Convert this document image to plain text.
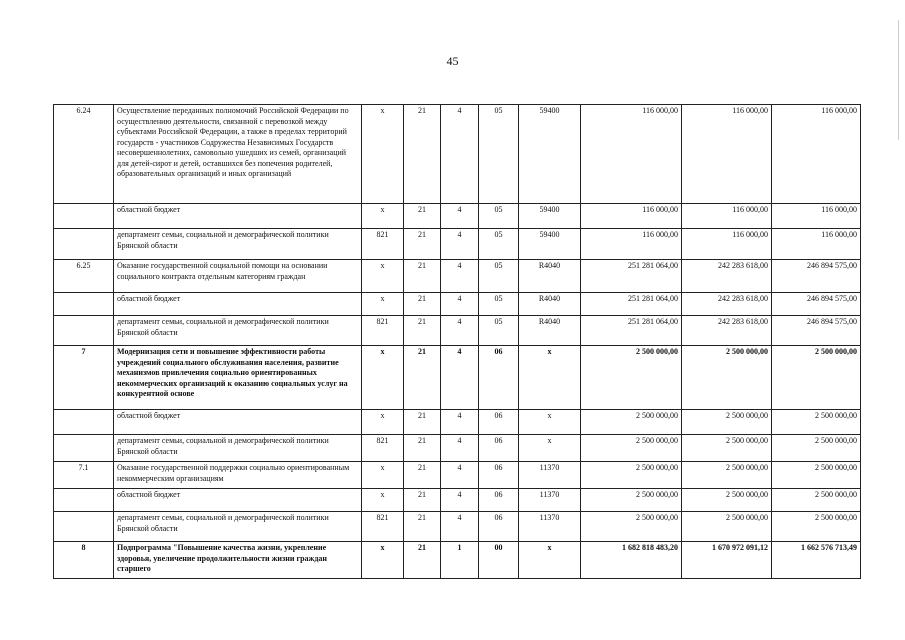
45
6.24	Осуществление переданных полномочий Российской Федерации по осуществлению деятельности, связанной с перевозкой между субъектами Российской Федерации, а также в пределах территорий государств - участников Содружества Независимых Государств несовершеннолетних, самовольно ушедших из семей, организаций для детей-сирот и детей, оставшихся без попечения родителей, образовательных организаций и иных организаций	х	21	4	05	59400	116 000,00	116 000,00	116 000,00
	областной бюджет	х	21	4	05	59400	116 000,00	116 000,00	116 000,00
	департамент семьи, социальной и демографической политики Брянской области	821	21	4	05	59400	116 000,00	116 000,00	116 000,00
6.25	Оказание государственной социальной помощи на основании социального контракта отдельным категориям граждан	х	21	4	05	R4040	251 281 064,00	242 283 618,00	246 894 575,00
	областной бюджет	х	21	4	05	R4040	251 281 064,00	242 283 618,00	246 894 575,00
	департамент семьи, социальной и демографической политики Брянской области	821	21	4	05	R4040	251 281 064,00	242 283 618,00	246 894 575,00
7	Модернизация сети и повышение эффективности работы учреждений социального обслуживания населения, развитие механизмов привлечения социально ориентированных некоммерческих организаций к оказанию социальных услуг на конкурентной основе	х	21	4	06	х	2 500 000,00	2 500 000,00	2 500 000,00
	областной бюджет	х	21	4	06	х	2 500 000,00	2 500 000,00	2 500 000,00
	департамент семьи, социальной и демографической политики Брянской области	821	21	4	06	х	2 500 000,00	2 500 000,00	2 500 000,00
7.1	Оказание государственной поддержки социально ориентированным некоммерческим организациям	х	21	4	06	11370	2 500 000,00	2 500 000,00	2 500 000,00
	областной бюджет	х	21	4	06	11370	2 500 000,00	2 500 000,00	2 500 000,00
	департамент семьи, социальной и демографической политики Брянской области	821	21	4	06	11370	2 500 000,00	2 500 000,00	2 500 000,00
8	Подпрограмма "Повышение качества жизни, укрепление здоровья, увеличение продолжительности жизни граждан старшего	х	21	1	00	х	1 682 818 483,20	1 670 972 091,12	1 662 576 713,49
